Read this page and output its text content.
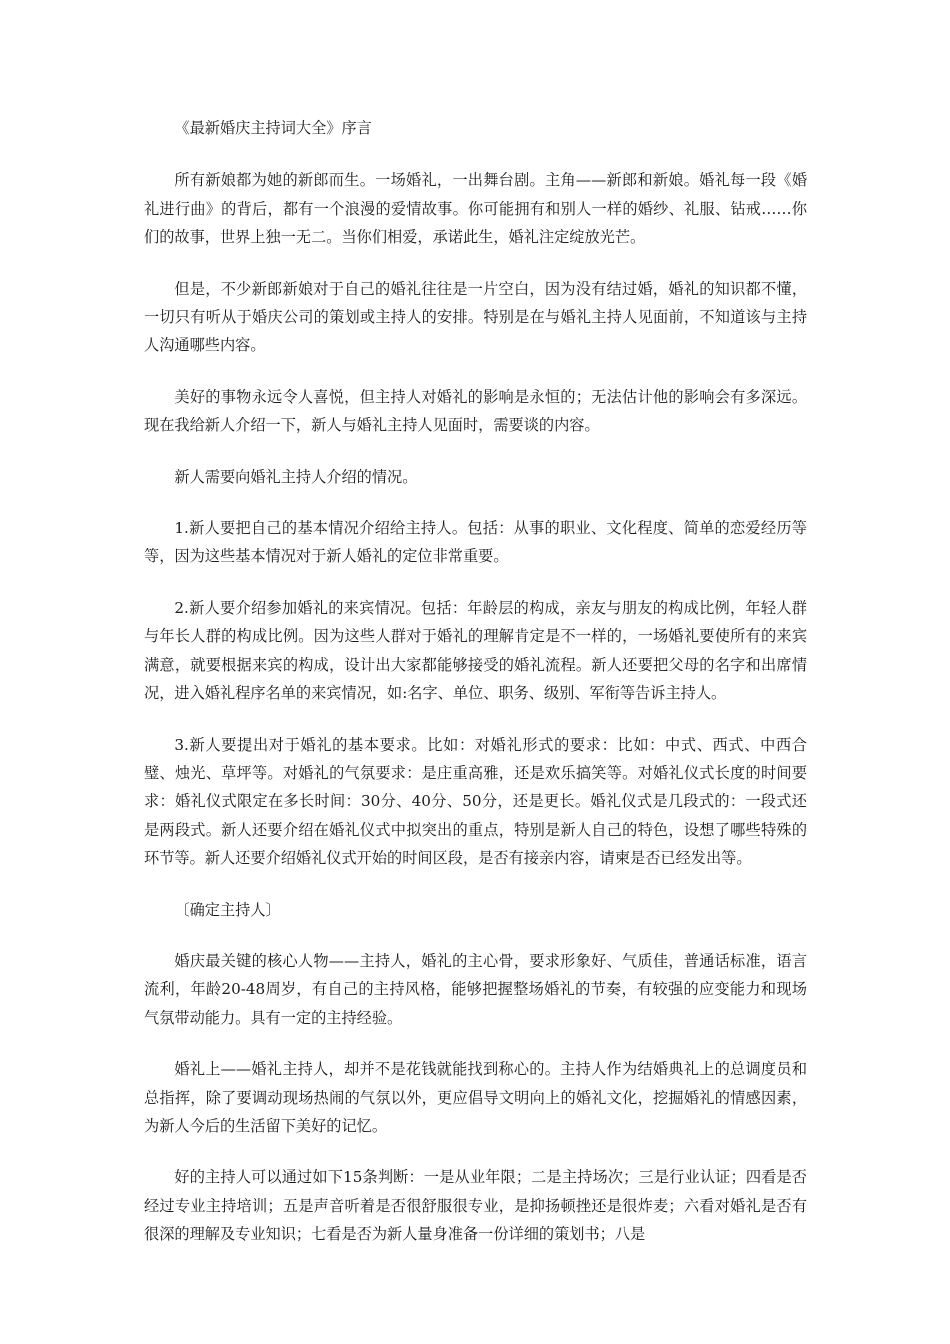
《最新婚庆主持词大全》序言

所有新娘都为她的新郎而生。一场婚礼，一出舞台剧。主角——新郎和新娘。婚礼每一段《婚礼进行曲》的背后，都有一个浪漫的爱情故事。你可能拥有和别人一样的婚纱、礼服、钻戒……你们的故事，世界上独一无二。当你们相爱，承诺此生，婚礼注定绽放光芒。

但是，不少新郎新娘对于自己的婚礼往往是一片空白，因为没有结过婚，婚礼的知识都不懂，一切只有听从于婚庆公司的策划或主持人的安排。特别是在与婚礼主持人见面前，不知道该与主持人沟通哪些内容。

美好的事物永远令人喜悦，但主持人对婚礼的影响是永恒的；无法估计他的影响会有多深远。现在我给新人介绍一下，新人与婚礼主持人见面时，需要谈的内容。

新人需要向婚礼主持人介绍的情况。

1.新人要把自己的基本情况介绍给主持人。包括：从事的职业、文化程度、简单的恋爱经历等等，因为这些基本情况对于新人婚礼的定位非常重要。

2.新人要介绍参加婚礼的来宾情况。包括：年龄层的构成，亲友与朋友的构成比例，年轻人群与年长人群的构成比例。因为这些人群对于婚礼的理解肯定是不一样的，一场婚礼要使所有的来宾满意，就要根据来宾的构成，设计出大家都能够接受的婚礼流程。新人还要把父母的名字和出席情况，进入婚礼程序名单的来宾情况，如:名字、单位、职务、级别、军衔等告诉主持人。

3.新人要提出对于婚礼的基本要求。比如：对婚礼形式的要求：比如：中式、西式、中西合璧、烛光、草坪等。对婚礼的气氛要求：是庄重高雅，还是欢乐搞笑等。对婚礼仪式长度的时间要求：婚礼仪式限定在多长时间：30分、40分、50分，还是更长。婚礼仪式是几段式的：一段式还是两段式。新人还要介绍在婚礼仪式中拟突出的重点，特别是新人自己的特色，设想了哪些特殊的环节等。新人还要介绍婚礼仪式开始的时间区段，是否有接亲内容，请柬是否已经发出等。

〔确定主持人〕

婚庆最关键的核心人物——主持人，婚礼的主心骨，要求形象好、气质佳，普通话标准，语言流利，年龄20-48周岁，有自己的主持风格，能够把握整场婚礼的节奏，有较强的应变能力和现场气氛带动能力。具有一定的主持经验。

婚礼上——婚礼主持人，却并不是花钱就能找到称心的。主持人作为结婚典礼上的总调度员和总指挥，除了要调动现场热闹的气氛以外，更应倡导文明向上的婚礼文化，挖掘婚礼的情感因素，为新人今后的生活留下美好的记忆。

好的主持人可以通过如下15条判断：一是从业年限；二是主持场次；三是行业认证；四看是否经过专业主持培训；五是声音听着是否很舒服很专业，是抑扬顿挫还是很炸麦；六看对婚礼是否有很深的理解及专业知识；七看是否为新人量身准备一份详细的策划书；八是
